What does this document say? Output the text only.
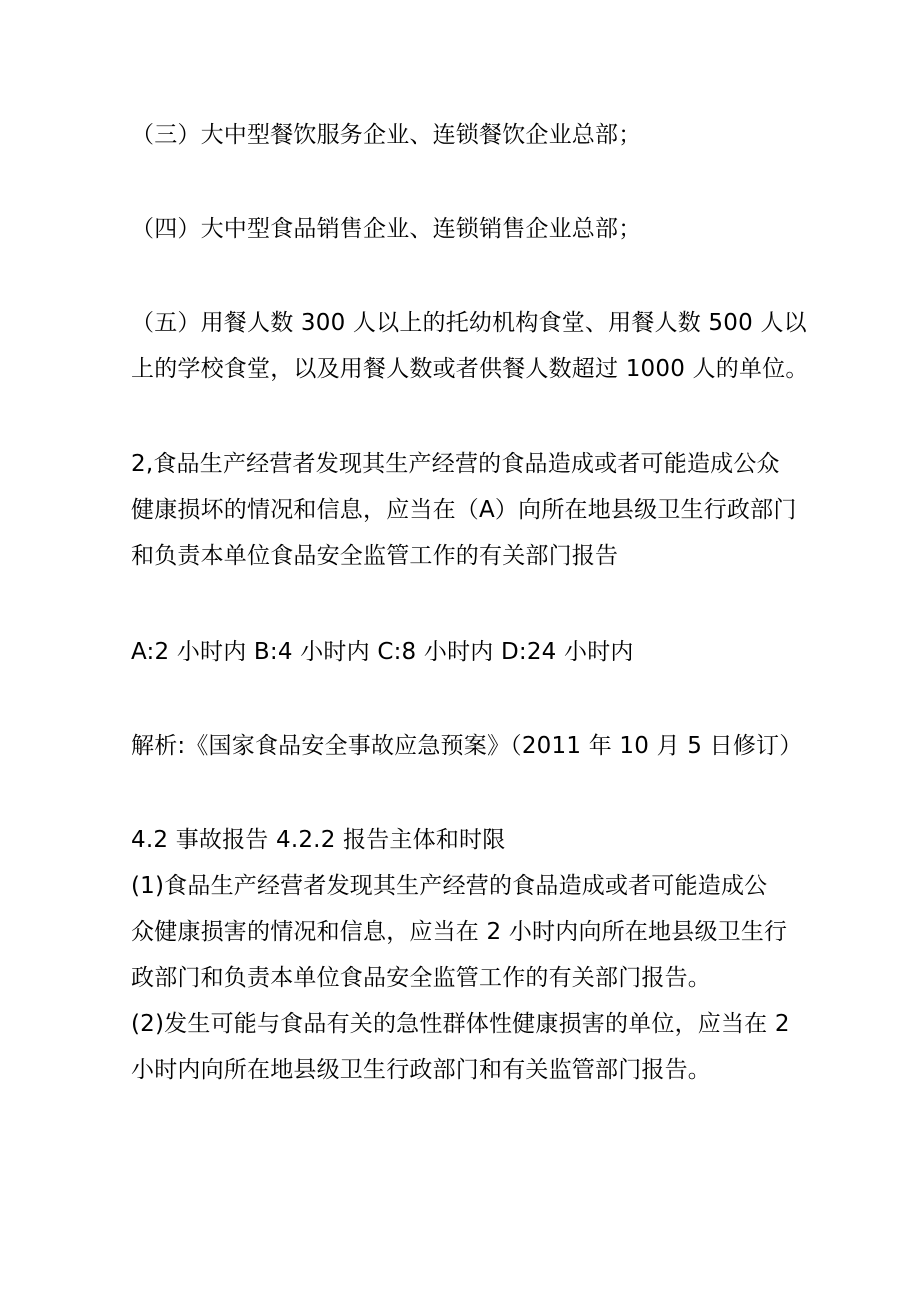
（三）大中型餐饮服务企业、连锁餐饮企业总部；

（四）大中型食品销售企业、连锁销售企业总部；

（五）用餐人数 300 人以上的托幼机构食堂、用餐人数 500 人以
上的学校食堂，以及用餐人数或者供餐人数超过 1000 人的单位。

2,食品生产经营者发现其生产经营的食品造成或者可能造成公众
健康损坏的情况和信息，应当在（A）向所在地县级卫生行政部门
和负责本单位食品安全监管工作的有关部门报告

A:2 小时内 B:4 小时内 C:8 小时内 D:24 小时内

解析:《国家食品安全事故应急预案》（2011 年 10 月 5 日修订）

4.2 事故报告 4.2.2 报告主体和时限
(1)食品生产经营者发现其生产经营的食品造成或者可能造成公
众健康损害的情况和信息，应当在 2 小时内向所在地县级卫生行
政部门和负责本单位食品安全监管工作的有关部门报告。
(2)发生可能与食品有关的急性群体性健康损害的单位，应当在 2
小时内向所在地县级卫生行政部门和有关监管部门报告。
